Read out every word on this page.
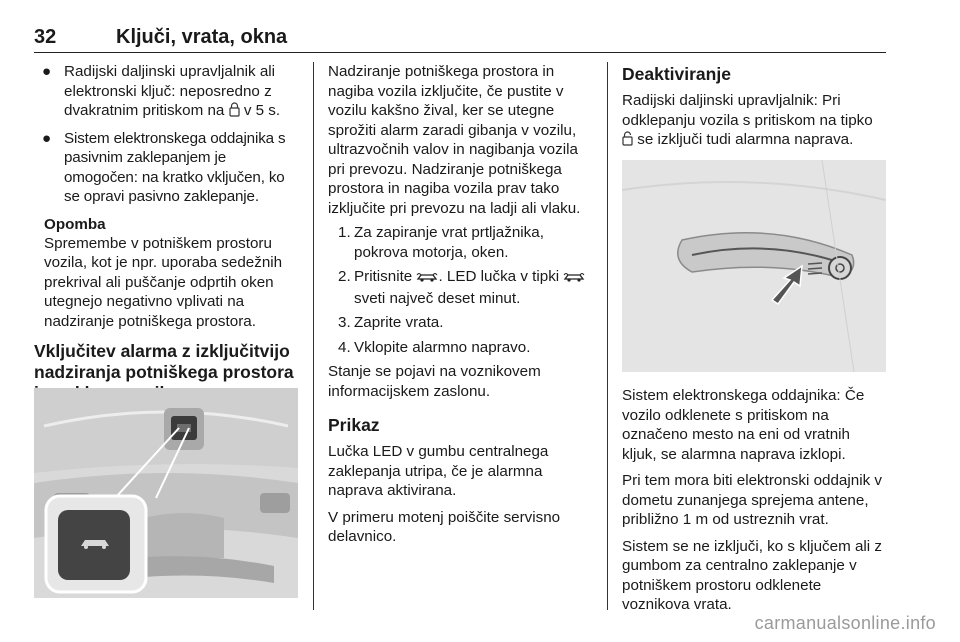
32	Ključi, vrata, okna
● Radijski daljinski upravljalnik ali elektronski ključ: neposredno z dvakratnim pritiskom na  v 5 s.
● Sistem elektronskega oddajnika s pasivnim zaklepanjem je omogočen: na kratko vključen, ko se opravi pasivno zaklepanje.
Opomba
Spremembe v potniškem prostoru vozila, kot je npr. uporaba sedežnih prekrival ali puščanje odprtih oken utegnejo negativno vplivati na nadziranje potniškega prostora.
Vključitev alarma z izključitvijo nadziranja potniškega prostora

Nadziranje potniškega prostora in nagiba vozila izključite, če pustite v vozilu kakšno žival, ker se utegne sprožiti alarm zaradi gibanja v vozilu, ultrazvočnih valov in nagibanja vozila pri prevozu. Nadziranje potniškega prostora in nagiba vozila prav tako izključite pri prevozu na ladji ali vlaku.

1. Za zapiranje vrat prtljažnika, pokrova motorja, oken.
2. Pritisnite . LED lučka v tipki  sveti največ deset minut.
3. Zaprite vrata.
4. Vklopite alarmno napravo.

Stanje se pojavi na voznikovem informacijskem zaslonu.

Prikaz

Lučka LED v gumbu centralnega zaklepanja utripa, če je alarmna naprava aktivirana.

V primeru motenj poiščite servisno delavnico.

Deaktiviranje

Radijski daljinski upravljalnik: Pri odklepanju vozila s pritiskom na tipko  se izključi tudi alarmna naprava.

Sistem elektronskega oddajnika: Če vozilo odklenete s pritiskom na označeno mesto na eni od vratnih kljuk, se alarmna naprava izklopi.

Pri tem mora biti elektronski oddajnik v dometu zunanjega sprejema antene, približno 1 m od ustreznih vrat.

Sistem se ne izključi, ko s ključem ali z gumbom za centralno zaklepanje v potniškem prostoru odklenete voznikova vrata.

carmanualsonline.info
